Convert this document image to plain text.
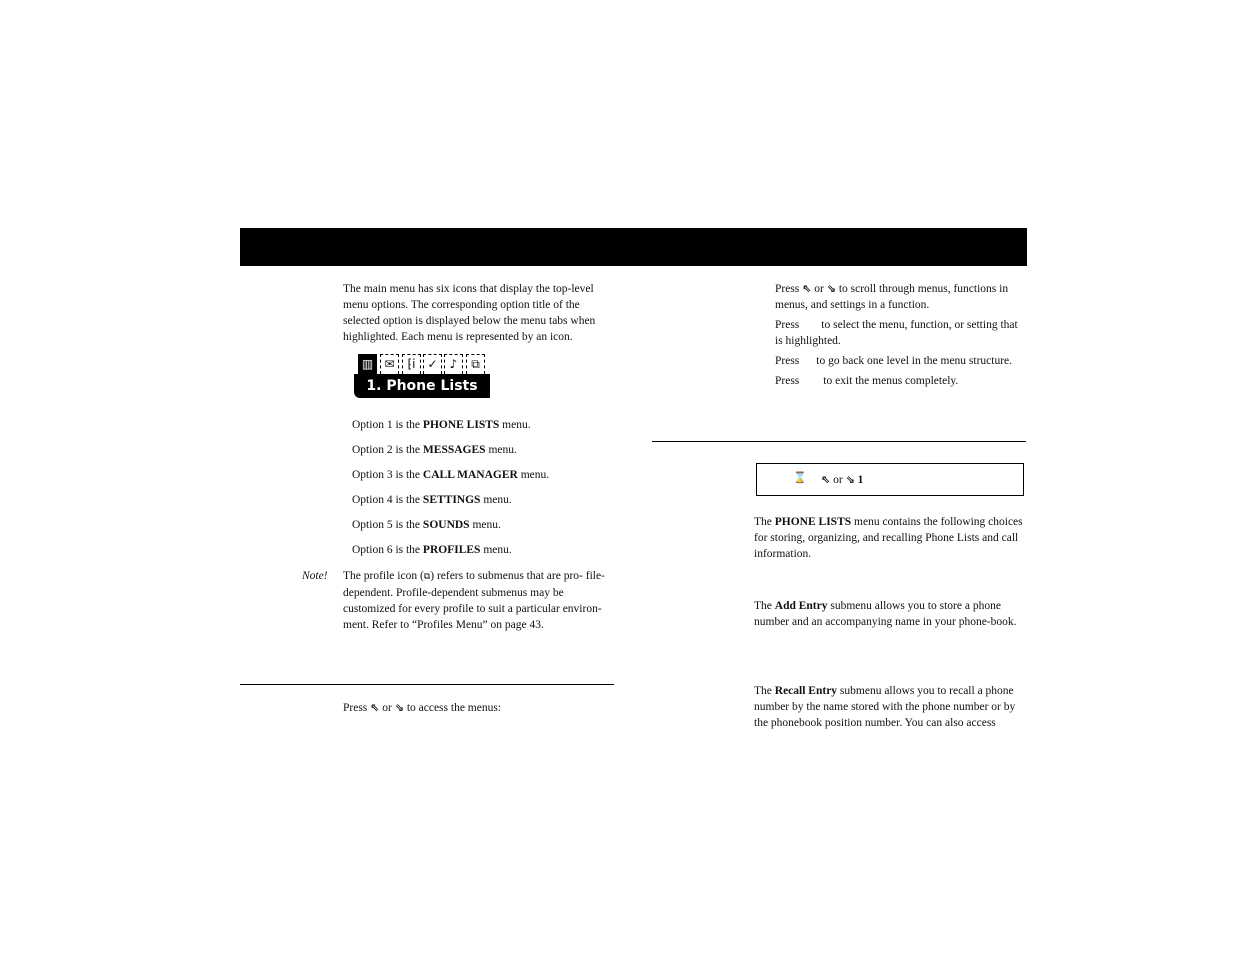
The main menu has six icons that display the top-level menu options. The corresponding option title of the selected option is displayed below the menu tabs when highlighted. Each menu is represented by an icon.

▥ ✉	⁅i ✓	♪	⧉
1. Phone Lists
Option 1 is the PHONE LISTS menu.
Option 2 is the MESSAGES menu.
Option 3 is the CALL MANAGER menu.
Option 4 is the SETTINGS menu.
Option 5 is the SOUNDS menu.
Option 6 is the PROFILES menu.
Note! The profile icon (⧉) refers to submenus that are pro- file-dependent. Profile-dependent submenus may be customized for every profile to suit a particular environ-ment. Refer to “Profiles Menu” on page 43.
Press ⇖ or ⇘ to access the menus:
Press ⇖ or ⇘ to scroll through menus, functions in menus, and settings in a function.
Press to select the menu, function, or setting that is highlighted.
Press to go back one level in the menu structure.
Press to exit the menus completely.
⌛ ⇖ or ⇘ 1
The PHONE LISTS menu contains the following choices for storing, organizing, and recalling Phone Lists and call information.
The Add Entry submenu allows you to store a phone number and an accompanying name in your phone-book.
The Recall Entry submenu allows you to recall a phone number by the name stored with the phone number or by the phonebook position number. You can also access
